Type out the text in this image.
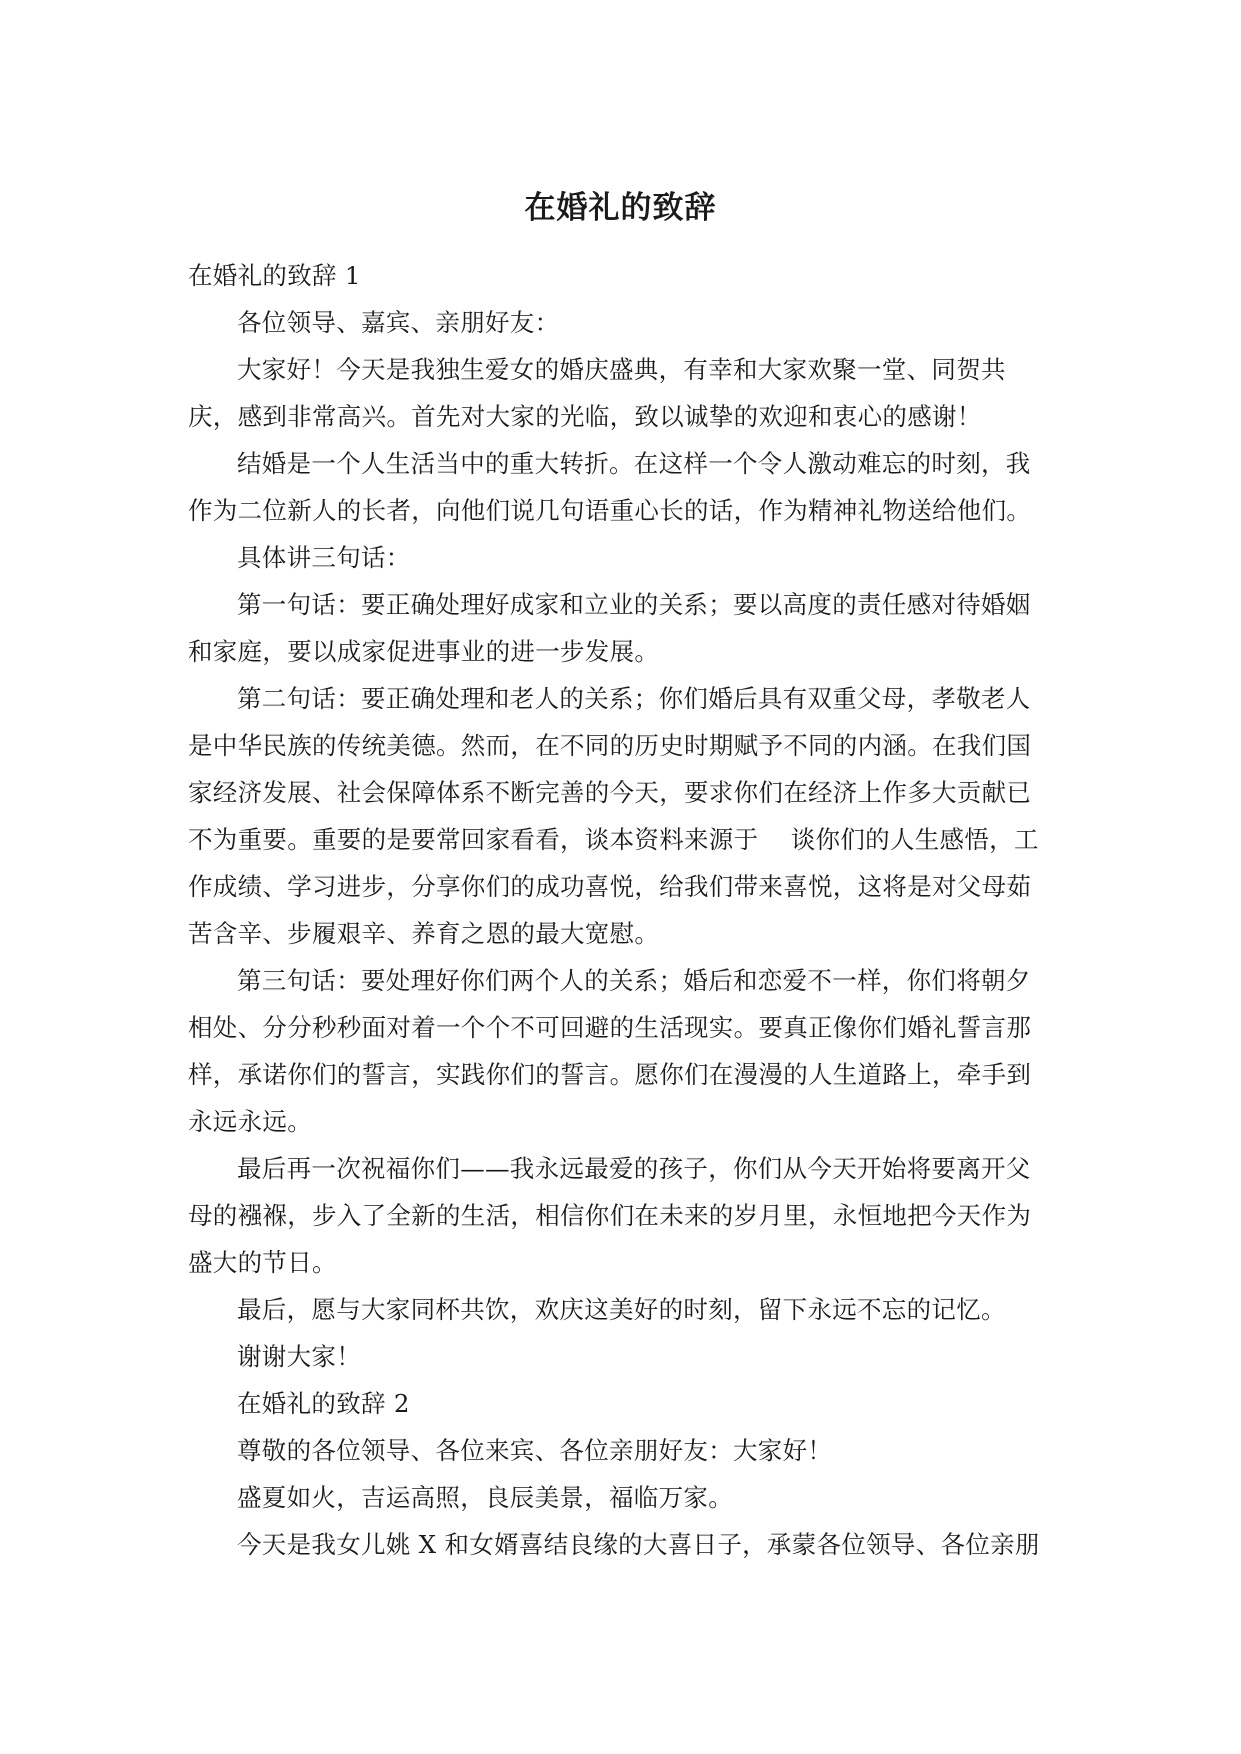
在婚礼的致辞
在婚礼的致辞 1
各位领导、嘉宾、亲朋好友：
大家好！今天是我独生爱女的婚庆盛典，有幸和大家欢聚一堂、同贺共
庆，感到非常高兴。首先对大家的光临，致以诚挚的欢迎和衷心的感谢！
结婚是一个人生活当中的重大转折。在这样一个令人激动难忘的时刻，我
作为二位新人的长者，向他们说几句语重心长的话，作为精神礼物送给他们。
具体讲三句话：
第一句话：要正确处理好成家和立业的关系；要以高度的责任感对待婚姻
和家庭，要以成家促进事业的进一步发展。
第二句话：要正确处理和老人的关系；你们婚后具有双重父母，孝敬老人
是中华民族的传统美德。然而，在不同的历史时期赋予不同的内涵。在我们国
家经济发展、社会保障体系不断完善的今天，要求你们在经济上作多大贡献已
不为重要。重要的是要常回家看看，谈本资料来源于    谈你们的人生感悟，工
作成绩、学习进步，分享你们的成功喜悦，给我们带来喜悦，这将是对父母茹
苦含辛、步履艰辛、养育之恩的最大宽慰。
第三句话：要处理好你们两个人的关系；婚后和恋爱不一样，你们将朝夕
相处、分分秒秒面对着一个个不可回避的生活现实。要真正像你们婚礼誓言那
样，承诺你们的誓言，实践你们的誓言。愿你们在漫漫的人生道路上，牵手到
永远永远。
最后再一次祝福你们——我永远最爱的孩子，你们从今天开始将要离开父
母的襁褓，步入了全新的生活，相信你们在未来的岁月里，永恒地把今天作为
盛大的节日。
最后，愿与大家同杯共饮，欢庆这美好的时刻，留下永远不忘的记忆。
谢谢大家！
在婚礼的致辞 2
尊敬的各位领导、各位来宾、各位亲朋好友：大家好！
盛夏如火，吉运高照，良辰美景，福临万家。
今天是我女儿姚 X 和女婿喜结良缘的大喜日子，承蒙各位领导、各位亲朋
